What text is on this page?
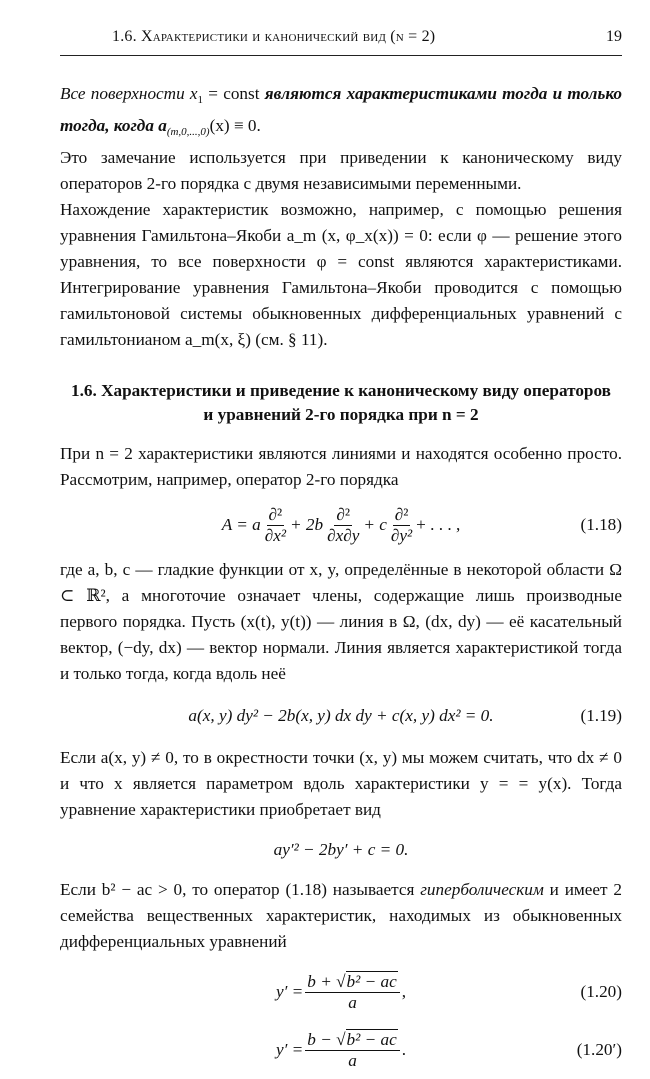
1.6. Характеристики и канонический вид (n = 2)	19

Все поверхности $x_1$ = const являются характеристиками тогда и только тогда, когда $a_{(m,0,...,0)}(x) \equiv 0$.

Это замечание используется при приведении к каноническому виду операторов 2-го порядка с двумя независимыми переменными.

Нахождение характеристик возможно, например, с помощью решения уравнения Гамильтона–Якоби a_m (x, φ_x(x)) = 0: если φ — решение этого уравнения, то все поверхности φ = const являются характеристиками. Интегрирование уравнения Гамильтона–Якоби проводится с помощью гамильтоновой системы обыкновенных дифференциальных уравнений с гамильтонианом a_m(x, ξ) (см. § 11).

1.6. Характеристики и приведение к каноническому виду операторов
и уравнений 2-го порядка при n = 2

При n = 2 характеристики являются линиями и находятся особенно просто. Рассмотрим, например, оператор 2-го порядка

A = a $\frac{\text{∂²}}{\text{∂x²}} + 2b \frac{\text{∂²}}{\partial x\partial y} + c \frac{\text{∂²}}{\text{∂y²}}$ + . . . ,	(1.18)

где a, b, c — гладкие функции от x, y, определённые в некоторой области Ω ⊂ ℝ², а многоточие означает члены, содержащие лишь производные первого порядка. Пусть (x(t), y(t)) — линия в Ω, (dx, dy) — её касательный вектор, (−dy, dx) — вектор нормали. Линия является характеристикой тогда и только тогда, когда вдоль неё

a(x, y) dy² − 2b(x, y) dx dy + c(x, y) dx² = 0.	(1.19)

Если a(x, y) ≠ 0, то в окрестности точки (x, y) мы можем считать, что dx ≠ 0 и что x является параметром вдоль характеристики y = = y(x). Тогда уравнение характеристики приобретает вид

ay′² − 2by′ + c = 0.

Если b² − ac > 0, то оператор (1.18) называется гиперболическим и имеет 2 семейства вещественных характеристик, находимых из обыкновенных дифференциальных уравнений

$y' = \frac{\text{b + √b² − ac}}{a}$ ,	(1.20)
$y' = \frac{\text{b − √b² − ac}}{a}$ .	(1.20′)
